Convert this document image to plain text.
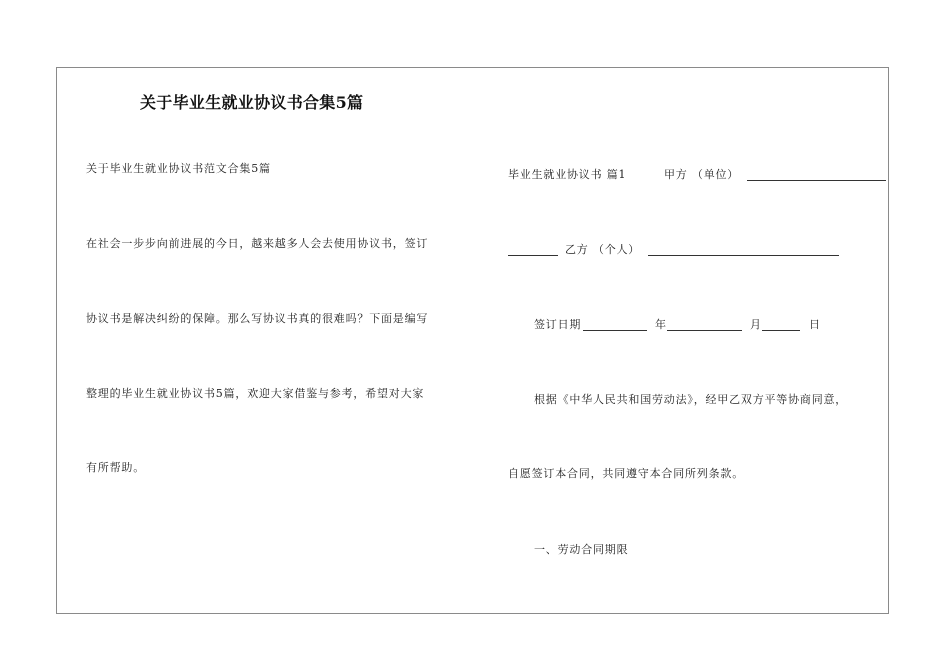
关于毕业生就业协议书合集5篇
关于毕业生就业协议书范文合集5篇
在社会一步步向前进展的今日，越来越多人会去使用协议书，签订
协议书是解决纠纷的保障。那么写协议书真的很难吗？下面是编写
整理的毕业生就业协议书5篇，欢迎大家借鉴与参考，希望对大家
有所帮助。
毕业生就业协议书 篇1	甲方 （单位）
乙方 （个人）
签订日期	年	月	日
根据《中华人民共和国劳动法》，经甲乙双方平等协商同意，
自愿签订本合同，共同遵守本合同所列条款。
一、劳动合同期限
